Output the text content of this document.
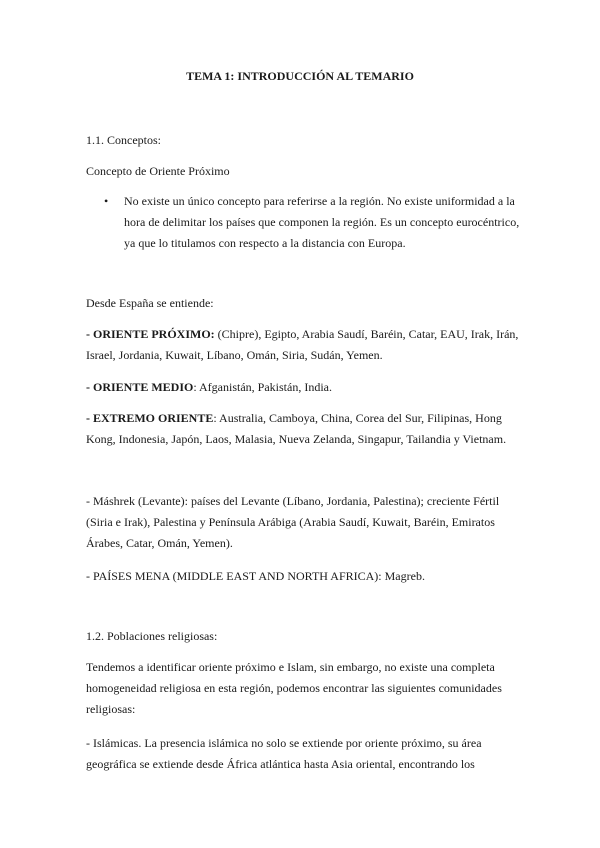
TEMA 1: INTRODUCCIÓN AL TEMARIO
1.1. Conceptos:
Concepto de Oriente Próximo
•	No existe un único concepto para referirse a la región. No existe uniformidad a la hora de delimitar los países que componen la región. Es un concepto eurocéntrico, ya que lo titulamos con respecto a la distancia con Europa.
Desde España se entiende:

- ORIENTE PRÓXIMO: (Chipre), Egipto, Arabia Saudí, Baréin, Catar, EAU, Irak, Irán, Israel, Jordania, Kuwait, Líbano, Omán, Siria, Sudán, Yemen.

- ORIENTE MEDIO: Afganistán, Pakistán, India.

- EXTREMO ORIENTE: Australia, Camboya, China, Corea del Sur, Filipinas, Hong Kong, Indonesia, Japón, Laos, Malasia, Nueva Zelanda, Singapur, Tailandia y Vietnam.

- Máshrek (Levante): países del Levante (Líbano, Jordania, Palestina); creciente Fértil (Siria e Irak), Palestina y Península Arábiga (Arabia Saudí, Kuwait, Baréin, Emiratos Árabes, Catar, Omán, Yemen).
- PAÍSES MENA (MIDDLE EAST AND NORTH AFRICA): Magreb.
1.2. Poblaciones religiosas:
Tendemos a identificar oriente próximo e Islam, sin embargo, no existe una completa homogeneidad religiosa en esta región, podemos encontrar las siguientes comunidades religiosas:
- Islámicas. La presencia islámica no solo se extiende por oriente próximo, su área geográfica se extiende desde África atlántica hasta Asia oriental, encontrando los
